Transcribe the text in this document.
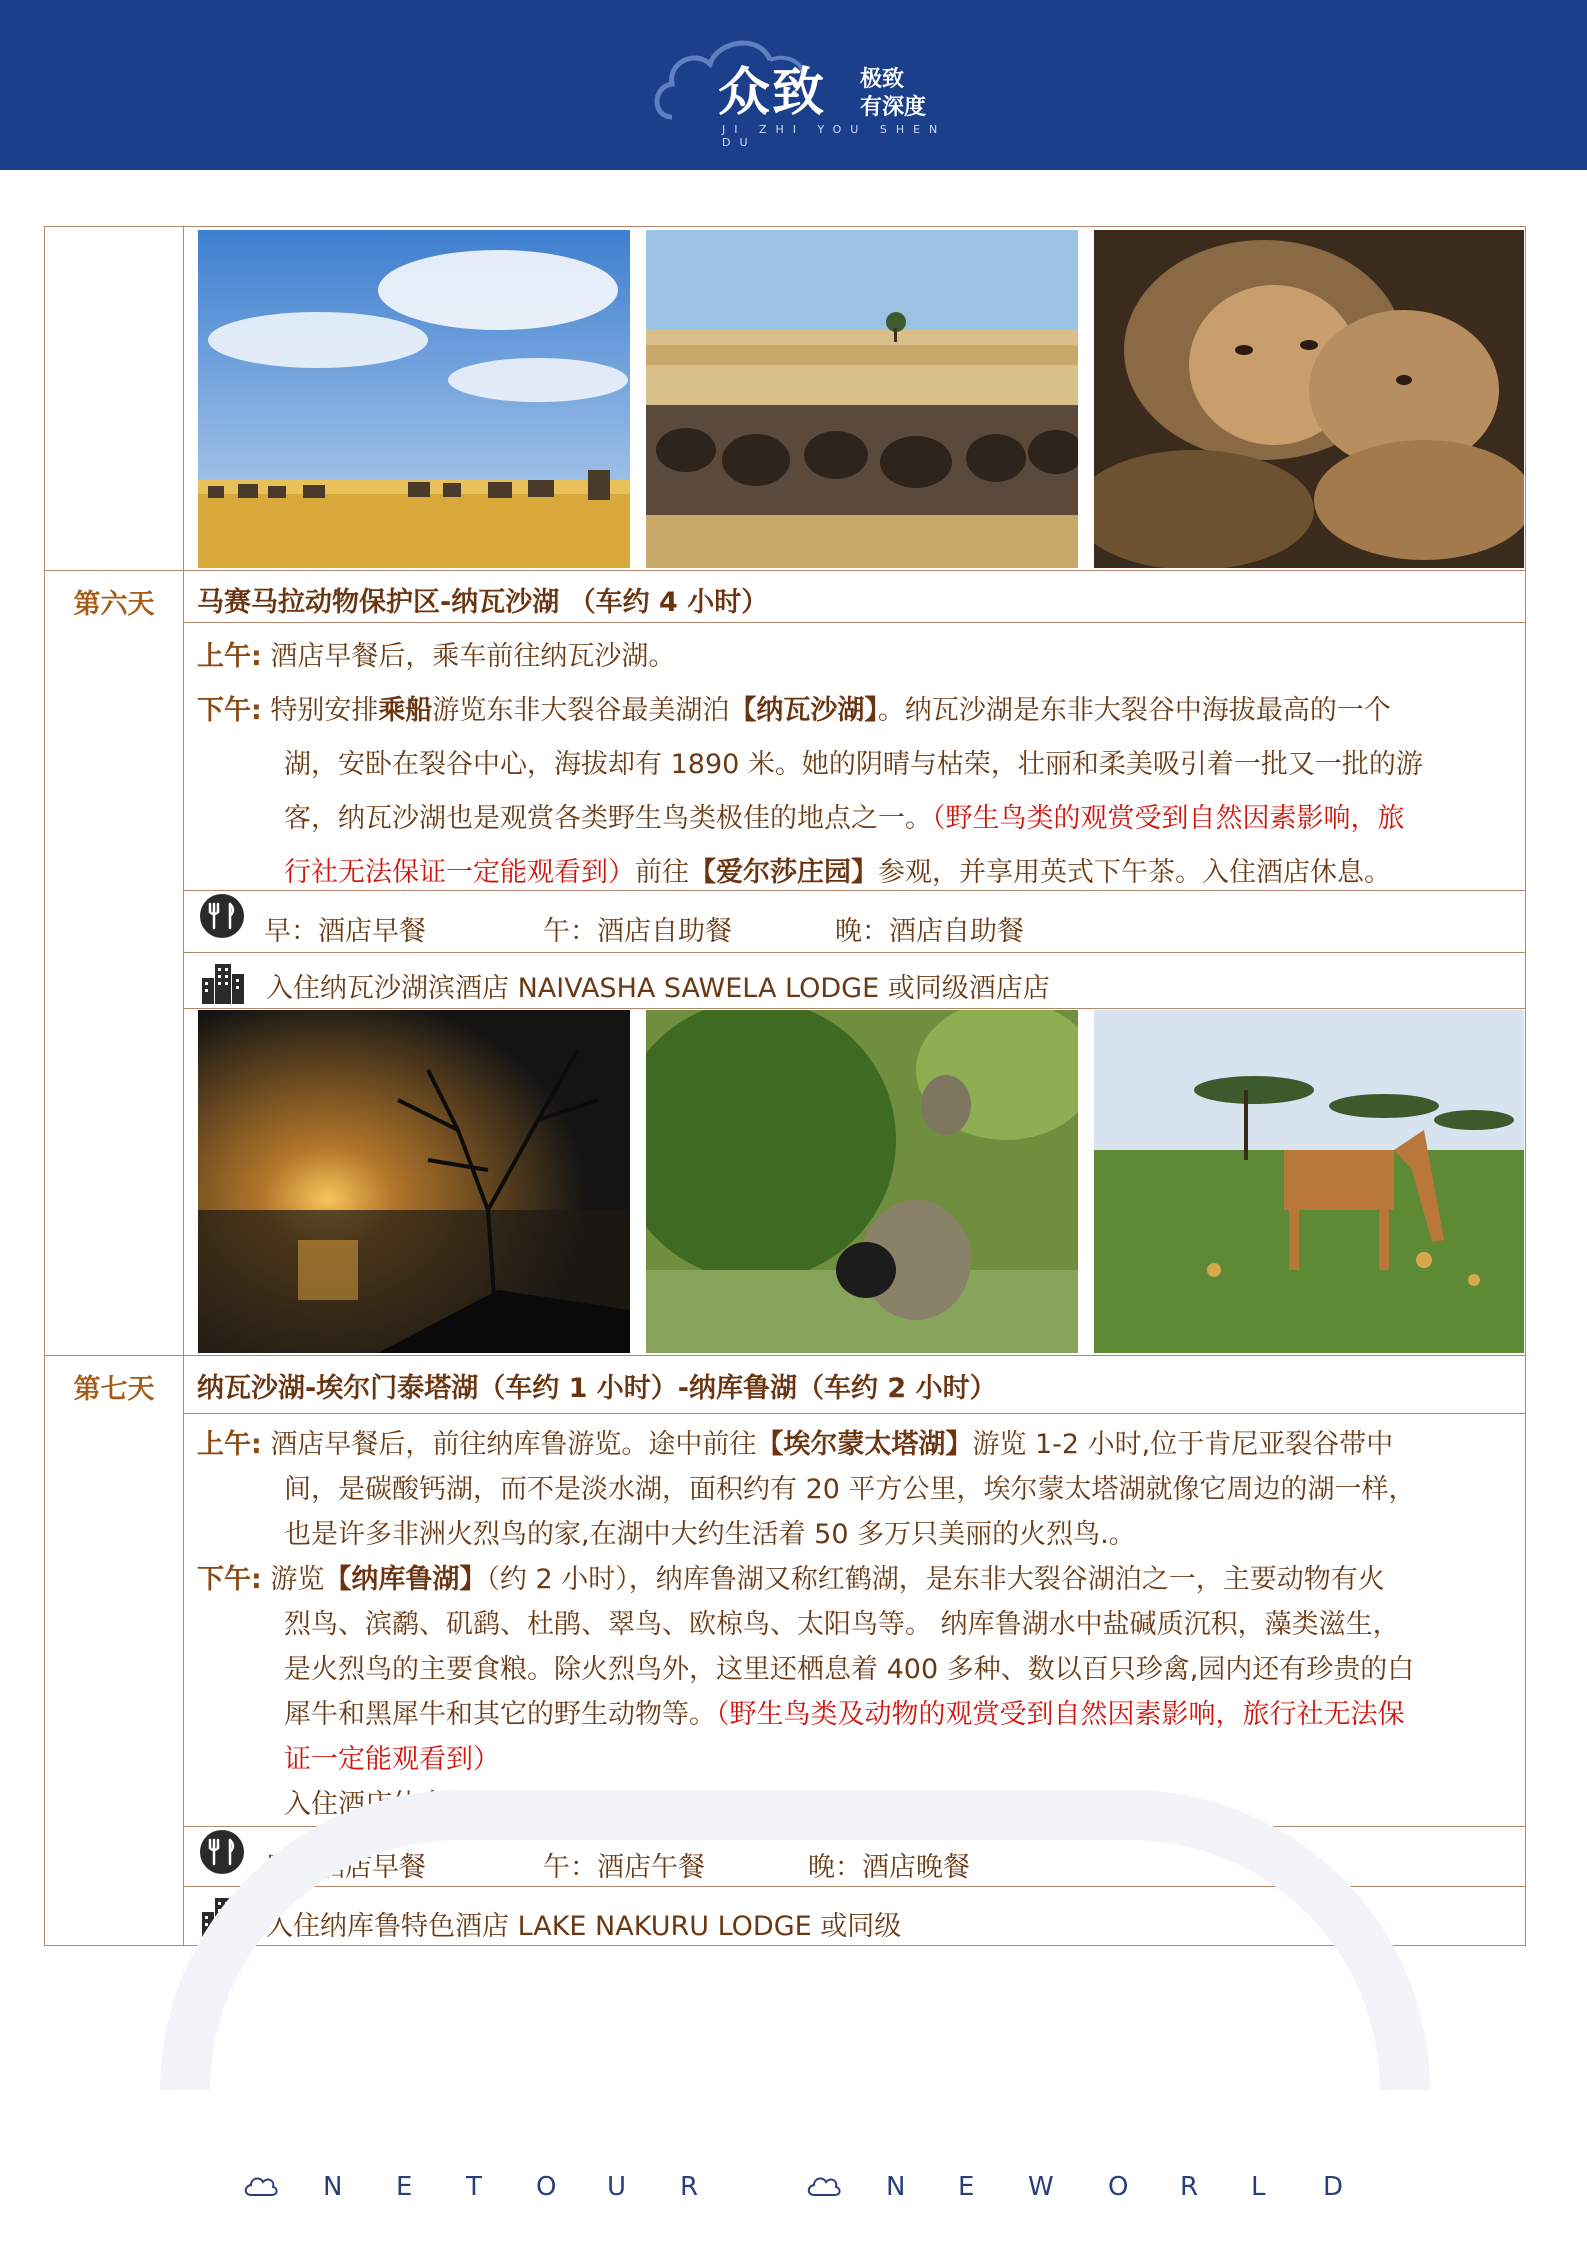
众致 极致
有深度
JI ZHI YOU SHEN DU
第六天	马赛马拉动物保护区-纳瓦沙湖 （车约 4 小时）
上午: 酒店早餐后，乘车前往纳瓦沙湖。
下午: 特别安排乘船游览东非大裂谷最美湖泊【纳瓦沙湖】。纳瓦沙湖是东非大裂谷中海拔最高的一个
湖，安卧在裂谷中心，海拔却有 1890 米。她的阴晴与枯荣，壮丽和柔美吸引着一批又一批的游
客，纳瓦沙湖也是观赏各类野生鸟类极佳的地点之一。（野生鸟类的观赏受到自然因素影响，旅
行社无法保证一定能观看到）前往【爱尔莎庄园】参观，并享用英式下午茶。入住酒店休息。
早：酒店早餐	午：酒店自助餐	晚：酒店自助餐
入住纳瓦沙湖滨酒店 NAIVASHA SAWELA LODGE 或同级酒店店
第七天	纳瓦沙湖-埃尔门泰塔湖（车约 1 小时）-纳库鲁湖（车约 2 小时）
上午: 酒店早餐后，前往纳库鲁游览。途中前往【埃尔蒙太塔湖】游览 1-2 小时,位于肯尼亚裂谷带中
间，是碳酸钙湖，而不是淡水湖，面积约有 20 平方公里，埃尔蒙太塔湖就像它周边的湖一样，
也是许多非洲火烈鸟的家,在湖中大约生活着 50 多万只美丽的火烈鸟.。
下午: 游览【纳库鲁湖】（约 2 小时），纳库鲁湖又称红鹤湖，是东非大裂谷湖泊之一，主要动物有火
烈鸟、滨鹬、矶鹞、杜鹃、翠鸟、欧椋鸟、太阳鸟等。 纳库鲁湖水中盐碱质沉积，藻类滋生，
是火烈鸟的主要食粮。除火烈鸟外，这里还栖息着 400 多种、数以百只珍禽,园内还有珍贵的白
犀牛和黑犀牛和其它的野生动物等。（野生鸟类及动物的观赏受到自然因素影响，旅行社无法保
证一定能观看到）
入住酒店休息。
早：酒店早餐	午：酒店午餐	晚：酒店晚餐
入住纳库鲁特色酒店 LAKE NAKURU LODGE 或同级
N E T O U R	N E W O R L D
